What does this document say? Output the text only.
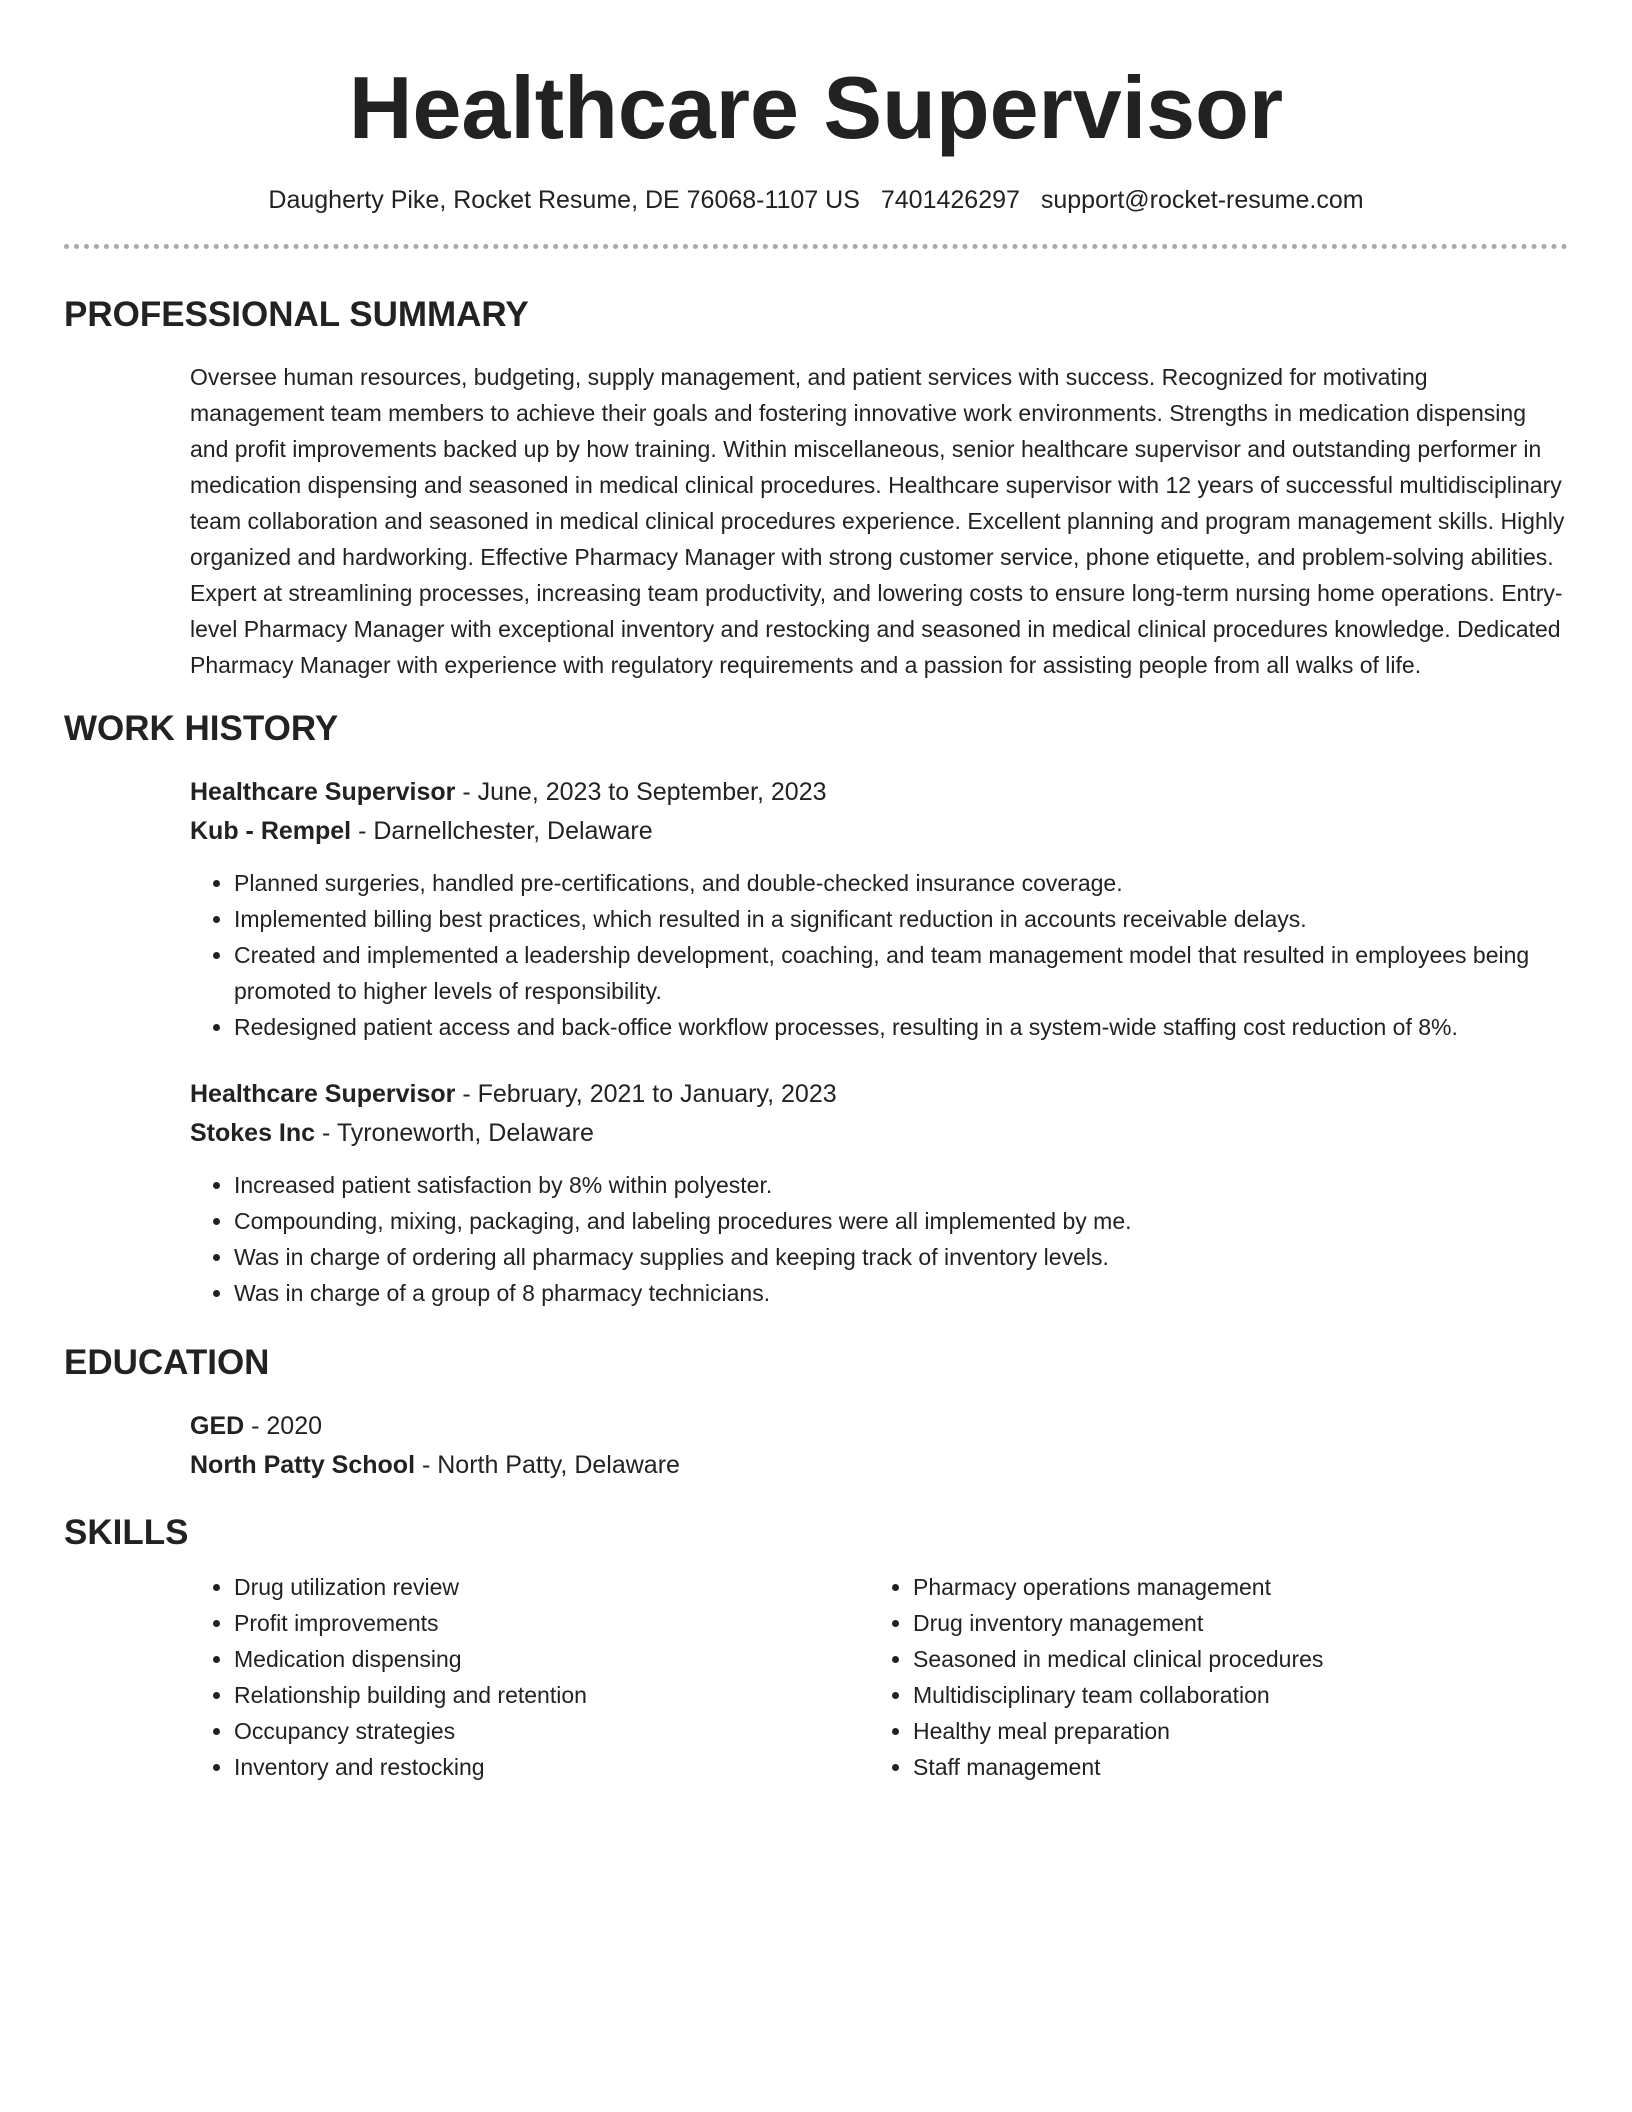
Healthcare Supervisor
Daugherty Pike, Rocket Resume, DE 76068-1107 US 7401426297 support@rocket-resume.com
PROFESSIONAL SUMMARY
Oversee human resources, budgeting, supply management, and patient services with success. Recognized for motivating management team members to achieve their goals and fostering innovative work environments. Strengths in medication dispensing and profit improvements backed up by how training. Within miscellaneous, senior healthcare supervisor and outstanding performer in medication dispensing and seasoned in medical clinical procedures. Healthcare supervisor with 12 years of successful multidisciplinary team collaboration and seasoned in medical clinical procedures experience. Excellent planning and program management skills. Highly organized and hardworking. Effective Pharmacy Manager with strong customer service, phone etiquette, and problem-solving abilities. Expert at streamlining processes, increasing team productivity, and lowering costs to ensure long-term nursing home operations. Entry-level Pharmacy Manager with exceptional inventory and restocking and seasoned in medical clinical procedures knowledge. Dedicated Pharmacy Manager with experience with regulatory requirements and a passion for assisting people from all walks of life.
WORK HISTORY
Healthcare Supervisor - June, 2023 to September, 2023
Kub - Rempel - Darnellchester, Delaware
• Planned surgeries, handled pre-certifications, and double-checked insurance coverage.
• Implemented billing best practices, which resulted in a significant reduction in accounts receivable delays.
• Created and implemented a leadership development, coaching, and team management model that resulted in employees being promoted to higher levels of responsibility.
• Redesigned patient access and back-office workflow processes, resulting in a system-wide staffing cost reduction of 8%.
Healthcare Supervisor - February, 2021 to January, 2023
Stokes Inc - Tyroneworth, Delaware
• Increased patient satisfaction by 8% within polyester.
• Compounding, mixing, packaging, and labeling procedures were all implemented by me.
• Was in charge of ordering all pharmacy supplies and keeping track of inventory levels.
• Was in charge of a group of 8 pharmacy technicians.
EDUCATION
GED - 2020
North Patty School - North Patty, Delaware
SKILLS
• Drug utilization review
• Profit improvements
• Medication dispensing
• Relationship building and retention
• Occupancy strategies
• Inventory and restocking
• Pharmacy operations management
• Drug inventory management
• Seasoned in medical clinical procedures
• Multidisciplinary team collaboration
• Healthy meal preparation
• Staff management
